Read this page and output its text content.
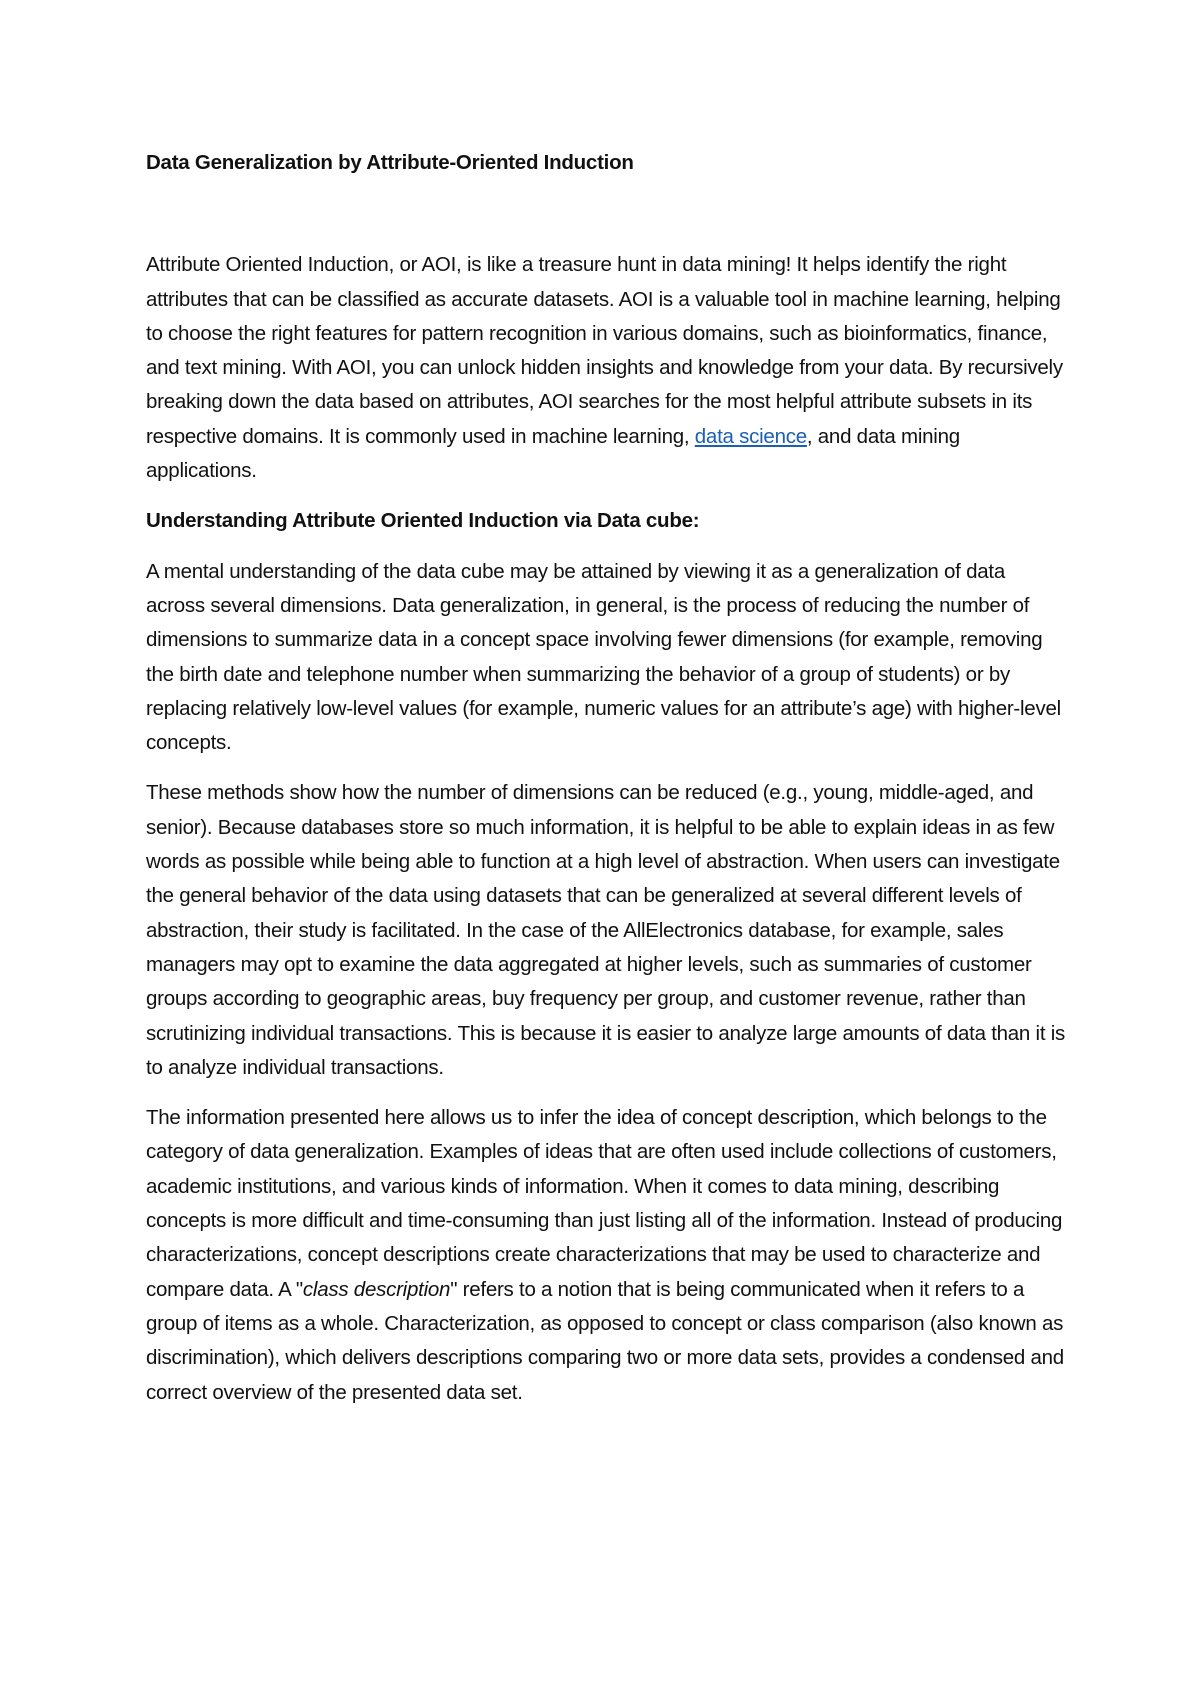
Data Generalization by Attribute-Oriented Induction

Attribute Oriented Induction, or AOI, is like a treasure hunt in data mining! It helps identify the right attributes that can be classified as accurate datasets. AOI is a valuable tool in machine learning, helping to choose the right features for pattern recognition in various domains, such as bioinformatics, finance, and text mining. With AOI, you can unlock hidden insights and knowledge from your data. By recursively breaking down the data based on attributes, AOI searches for the most helpful attribute subsets in its respective domains. It is commonly used in machine learning, data science, and data mining applications.

Understanding Attribute Oriented Induction via Data cube:

A mental understanding of the data cube may be attained by viewing it as a generalization of data across several dimensions. Data generalization, in general, is the process of reducing the number of dimensions to summarize data in a concept space involving fewer dimensions (for example, removing the birth date and telephone number when summarizing the behavior of a group of students) or by replacing relatively low-level values (for example, numeric values for an attribute’s age) with higher-level concepts.

These methods show how the number of dimensions can be reduced (e.g., young, middle-aged, and senior). Because databases store so much information, it is helpful to be able to explain ideas in as few words as possible while being able to function at a high level of abstraction. When users can investigate the general behavior of the data using datasets that can be generalized at several different levels of abstraction, their study is facilitated. In the case of the AllElectronics database, for example, sales managers may opt to examine the data aggregated at higher levels, such as summaries of customer groups according to geographic areas, buy frequency per group, and customer revenue, rather than scrutinizing individual transactions. This is because it is easier to analyze large amounts of data than it is to analyze individual transactions.

The information presented here allows us to infer the idea of concept description, which belongs to the category of data generalization. Examples of ideas that are often used include collections of customers, academic institutions, and various kinds of information. When it comes to data mining, describing concepts is more difficult and time-consuming than just listing all of the information. Instead of producing characterizations, concept descriptions create characterizations that may be used to characterize and compare data. A "class description" refers to a notion that is being communicated when it refers to a group of items as a whole. Characterization, as opposed to concept or class comparison (also known as discrimination), which delivers descriptions comparing two or more data sets, provides a condensed and correct overview of the presented data set.
